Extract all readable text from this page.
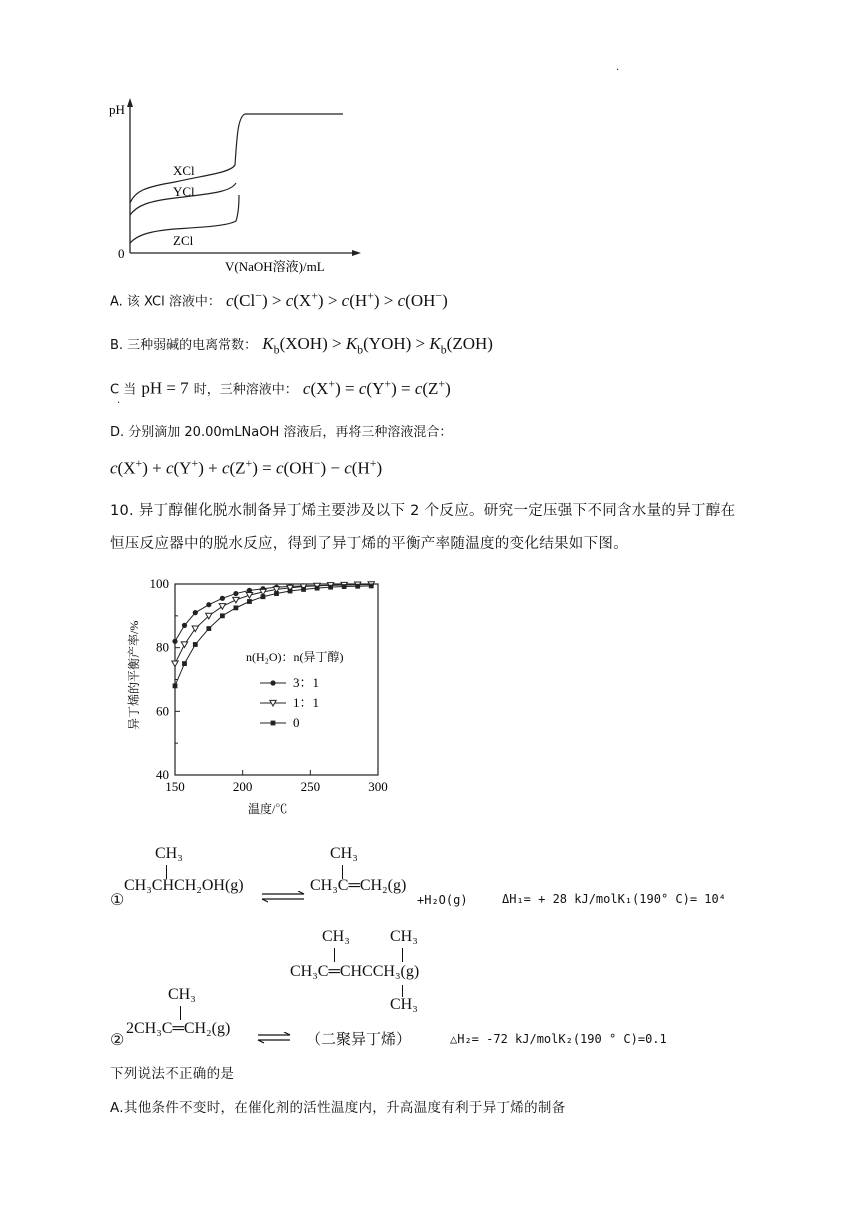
.
pH
0
XCl
YCl
ZCl
V(NaOH溶液)/mL
A. 该 XCl 溶液中： c(Cl−) > c(X+) > c(H+) > c(OH−)
B. 三种弱碱的电离常数： $K_b(XOH) > K_b(YOH) > K_b(ZOH)$
C 当 pH = 7 时，三种溶液中： c(X+) = c(Y+) = c(Z+)
.
D. 分别滴加 20.00mLNaOH 溶液后，再将三种溶液混合：
c(X+) + c(Y+) + c(Z+) = c(OH−) − c(H+)
10. 异丁醇催化脱水制备异丁烯主要涉及以下 2 个反应。研究一定压强下不同含水量的异丁醇在
恒压反应器中的脱水反应，得到了异丁烯的平衡产率随温度的变化结果如下图。
异丁烯的平衡产率/%
温度/℃
n(H₂O)：n(异丁醇)
40
60
80
100
150	200	250	300
3：1
1：1
0
CH₃
①
CH₃CHCH₂OH(g)
CH₃
CH₃C═CH₂(g)
+H₂O(g)	ΔH₁= + 28 kJ/molK₁(190° C)= 10⁴
CH₃	CH₃
CH₃C═CHCCH₃(g)
CH₃
CH₃
②
2CH₃C═CH₂(g)
⇌ （二聚异丁烯）	△H₂= -72 kJ/molK₂(190 ° C)=0.1
下列说法不正确的是
A.其他条件不变时，在催化剂的活性温度内，升高温度有利于异丁烯的制备
